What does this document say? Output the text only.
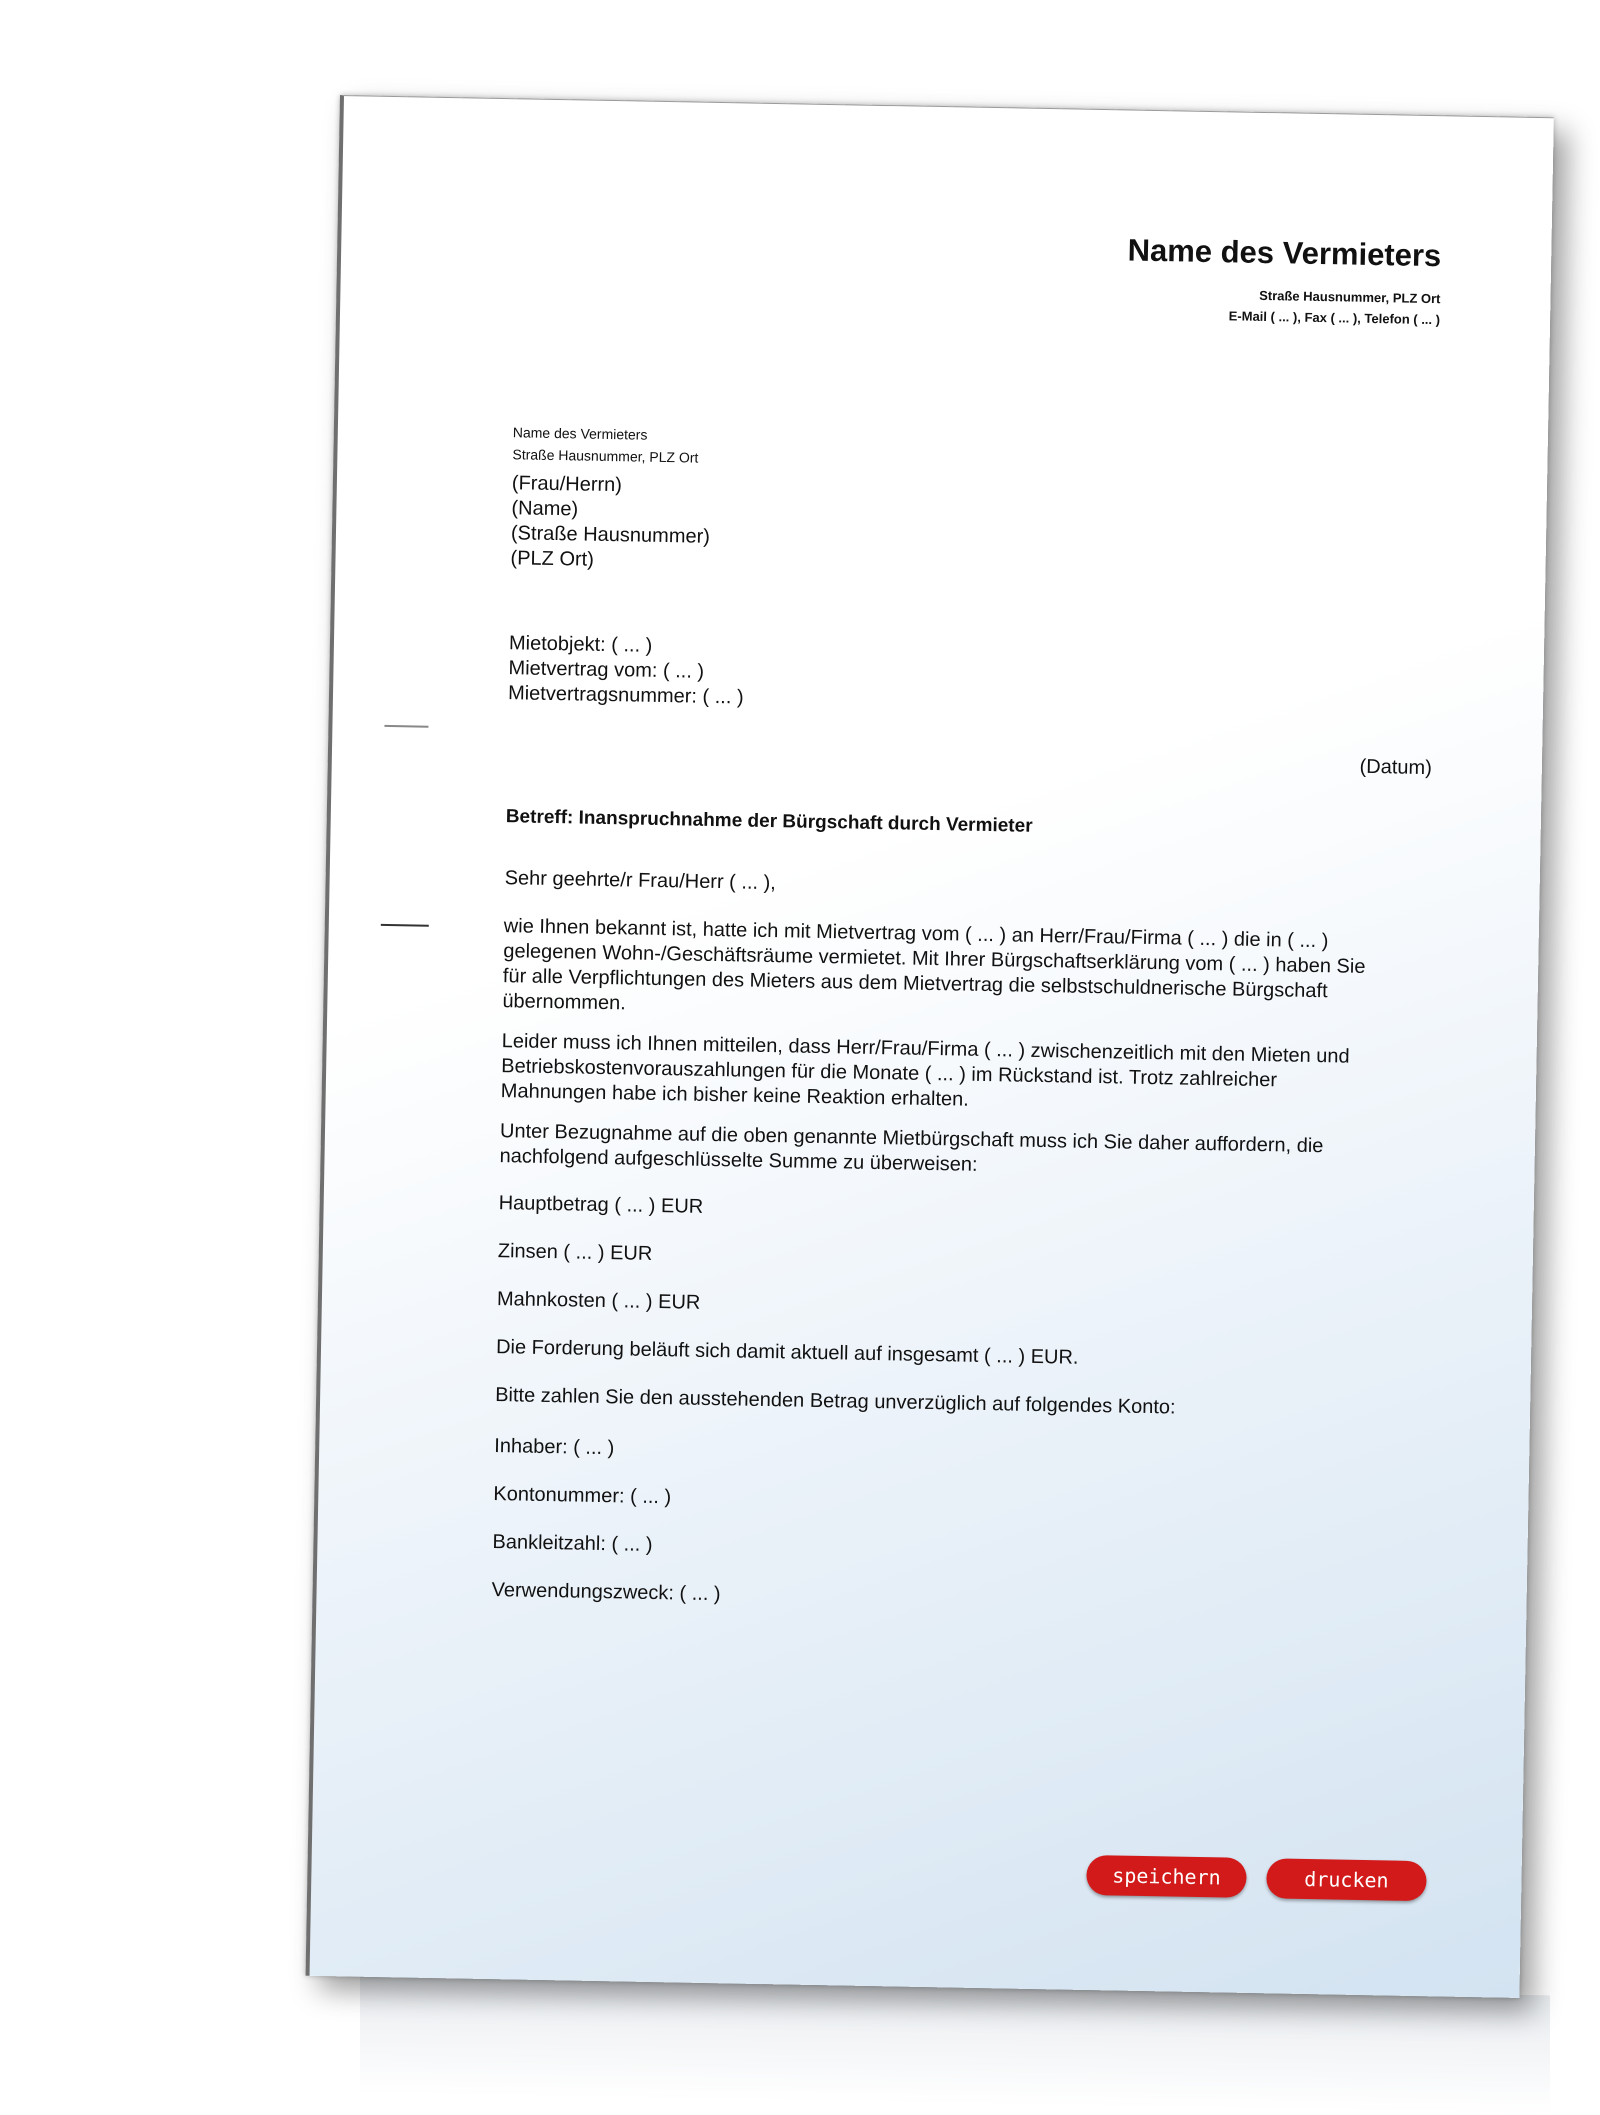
Name des Vermieters
Straße Hausnummer, PLZ Ort
E-Mail ( ... ), Fax ( ... ), Telefon ( ... )
Name des Vermieters
Straße Hausnummer, PLZ Ort
(Frau/Herrn)
(Name)
(Straße Hausnummer)
(PLZ Ort)
Mietobjekt: ( ... )
Mietvertrag vom: ( ... )
Mietvertragsnummer: ( ... )
(Datum)
Betreff: Inanspruchnahme der Bürgschaft durch Vermieter
Sehr geehrte/r Frau/Herr ( ... ),
wie Ihnen bekannt ist, hatte ich mit Mietvertrag vom ( ... ) an Herr/Frau/Firma ( ... ) die in ( ... ) gelegenen Wohn-/Geschäftsräume vermietet. Mit Ihrer Bürgschaftserklärung vom ( ... ) haben Sie für alle Verpflichtungen des Mieters aus dem Mietvertrag die selbstschuldnerische Bürgschaft übernommen.
Leider muss ich Ihnen mitteilen, dass Herr/Frau/Firma ( ... ) zwischenzeitlich mit den Mieten und Betriebskostenvorauszahlungen für die Monate ( ... ) im Rückstand ist. Trotz zahlreicher Mahnungen habe ich bisher keine Reaktion erhalten.
Unter Bezugnahme auf die oben genannte Mietbürgschaft muss ich Sie daher auffordern, die nachfolgend aufgeschlüsselte Summe zu überweisen:
Hauptbetrag ( ... ) EUR
Zinsen ( ... ) EUR
Mahnkosten ( ... ) EUR
Die Forderung beläuft sich damit aktuell auf insgesamt ( ... ) EUR.
Bitte zahlen Sie den ausstehenden Betrag unverzüglich auf folgendes Konto:
Inhaber: ( ... )
Kontonummer: ( ... )
Bankleitzahl: ( ... )
Verwendungszweck: ( ... )
speichern	drucken
